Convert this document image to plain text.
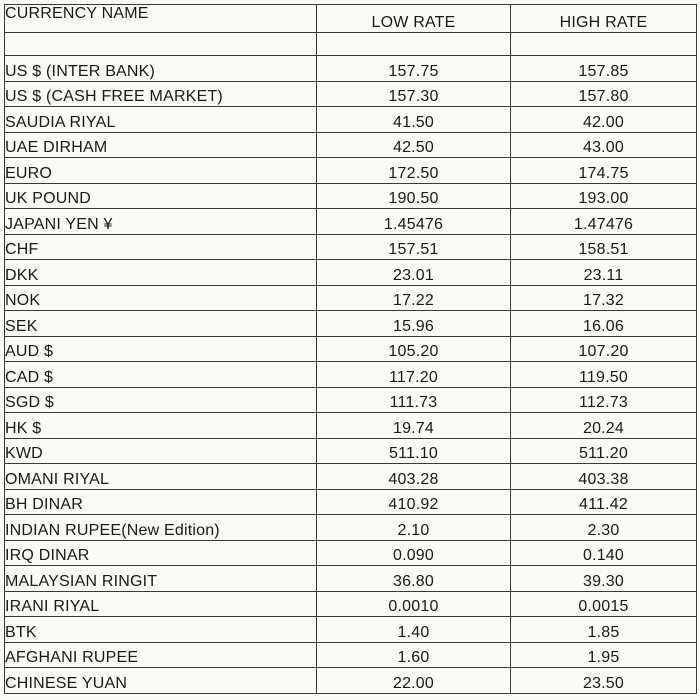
CURRENCY NAME	LOW RATE	HIGH RATE

US $ (INTER BANK)	157.75	157.85
US $ (CASH FREE MARKET)	157.30	157.80
SAUDIA RIYAL	41.50	42.00
UAE DIRHAM	42.50	43.00
EURO	172.50	174.75
UK POUND	190.50	193.00
JAPANI YEN ¥	1.45476	1.47476
CHF	157.51	158.51
DKK	23.01	23.11
NOK	17.22	17.32
SEK	15.96	16.06
AUD $	105.20	107.20
CAD $	117.20	119.50
SGD $	111.73	112.73
HK $	19.74	20.24
KWD	511.10	511.20
OMANI RIYAL	403.28	403.38
BH DINAR	410.92	411.42
INDIAN RUPEE(New Edition)	2.10	2.30
IRQ DINAR	0.090	0.140
MALAYSIAN RINGIT	36.80	39.30
IRANI RIYAL	0.0010	0.0015
BTK	1.40	1.85
AFGHANI RUPEE	1.60	1.95
CHINESE YUAN	22.00	23.50
